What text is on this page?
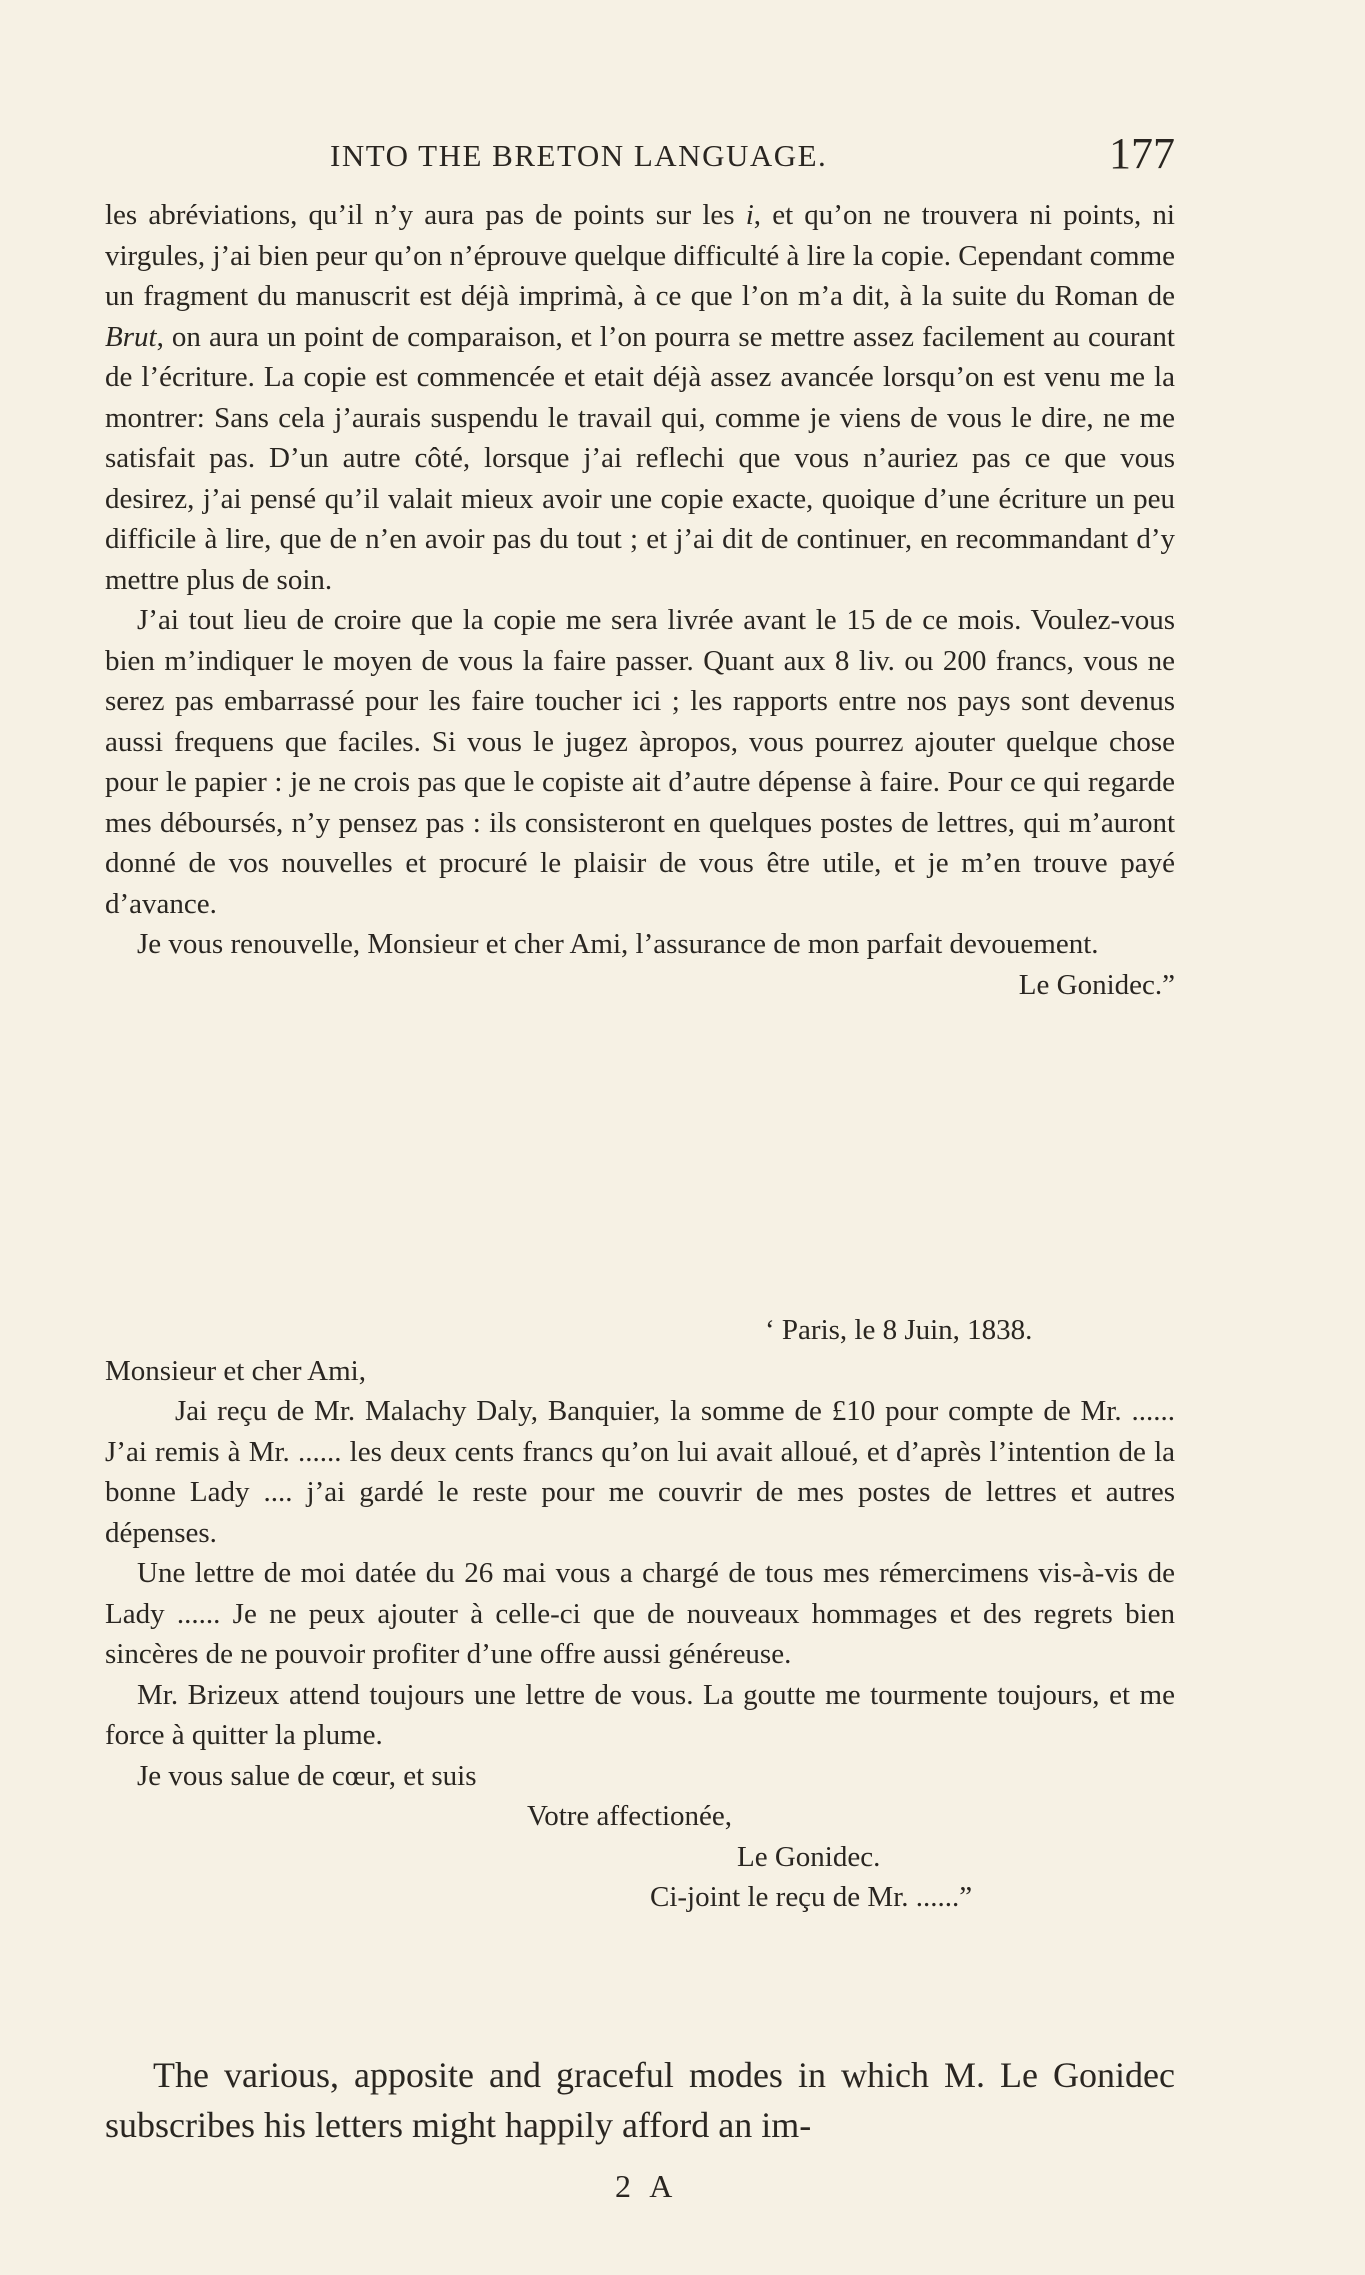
INTO THE BRETON LANGUAGE.	177

les abréviations, qu’il n’y aura pas de points sur les i, et qu’on ne trouvera ni points, ni virgules, j’ai bien peur qu’on n’éprouve quelque difficulté à lire la copie. Cependant comme un fragment du manuscrit est déjà imprimà, à ce que l’on m’a dit, à la suite du Roman de Brut, on aura un point de comparaison, et l’on pourra se mettre assez facilement au courant de l’écriture. La copie est commencée et etait déjà assez avancée lorsqu’on est venu me la montrer: Sans cela j’aurais suspendu le travail qui, comme je viens de vous le dire, ne me satisfait pas. D’un autre côté, lorsque j’ai reflechi que vous n’auriez pas ce que vous desirez, j’ai pensé qu’il valait mieux avoir une copie exacte, quoique d’une écriture un peu difficile à lire, que de n’en avoir pas du tout ; et j’ai dit de continuer, en recommandant d’y mettre plus de soin.

J’ai tout lieu de croire que la copie me sera livrée avant le 15 de ce mois. Voulez-vous bien m’indiquer le moyen de vous la faire passer. Quant aux 8 liv. ou 200 francs, vous ne serez pas embarrassé pour les faire toucher ici ; les rapports entre nos pays sont devenus aussi frequens que faciles. Si vous le jugez àpropos, vous pourrez ajouter quelque chose pour le papier : je ne crois pas que le copiste ait d’autre dépense à faire. Pour ce qui regarde mes déboursés, n’y pensez pas : ils consisteront en quelques postes de lettres, qui m’auront donné de vos nouvelles et procuré le plaisir de vous être utile, et je m’en trouve payé d’avance.

Je vous renouvelle, Monsieur et cher Ami, l’assurance de mon parfait devouement.

Le Gonidec.”

‘ Paris, le 8 Juin, 1838.

Monsieur et cher Ami,

Jai reçu de Mr. Malachy Daly, Banquier, la somme de £10 pour compte de Mr. ...... J’ai remis à Mr. ...... les deux cents francs qu’on lui avait alloué, et d’après l’intention de la bonne Lady .... j’ai gardé le reste pour me couvrir de mes postes de lettres et autres dépenses.

Une lettre de moi datée du 26 mai vous a chargé de tous mes rémercimens vis-à-vis de Lady ...... Je ne peux ajouter à celle-ci que de nouveaux hommages et des regrets bien sincères de ne pouvoir profiter d’une offre aussi généreuse.

Mr. Brizeux attend toujours une lettre de vous. La goutte me tourmente toujours, et me force à quitter la plume.

Je vous salue de cœur, et suis

Votre affectionée,

Le Gonidec.

Ci-joint le reçu de Mr. ......”

The various, apposite and graceful modes in which M. Le Gonidec subscribes his letters might happily afford an im-

2 A
